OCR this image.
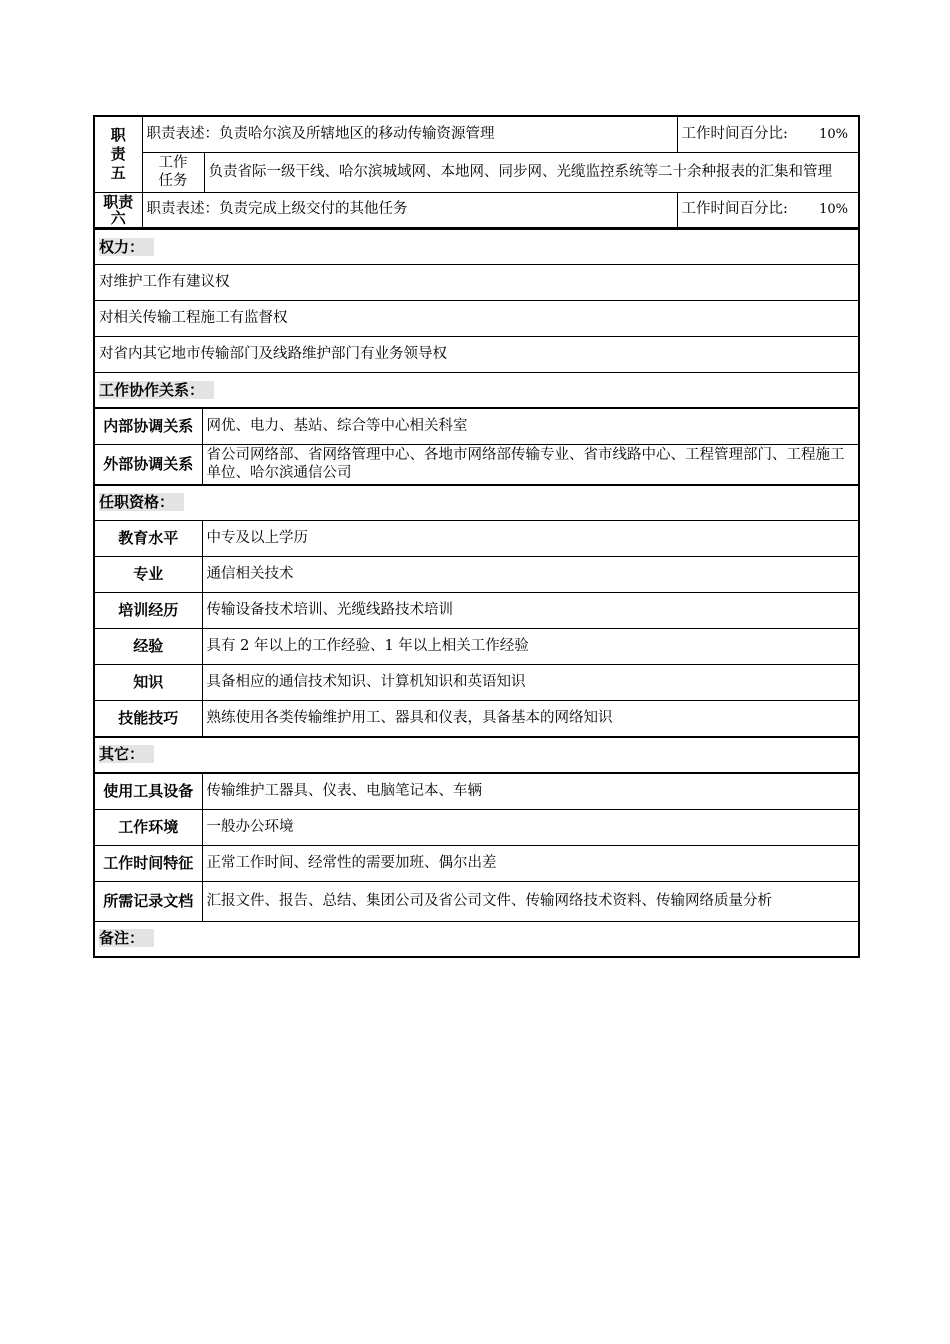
职责五	职责表述：负责哈尔滨及所辖地区的移动传输资源管理		工作时间百分比: 10%

	工作任务	负责省际一级干线、哈尔滨城域网、本地网、同步网、光缆监控系统等二十余种报表的汇集和管理	
职责六	职责表述：负责完成上级交付的其他任务		工作时间百分比: 10%
权力：	
对维护工作有建议权	
对相关传输工程施工有监督权	
对省内其它地市传输部门及线路维护部门有业务领导权	
工作协作关系：	
内部协调关系	网优、电力、基站、综合等中心相关科室
外部协调关系	省公司网络部、省网络管理中心、各地市网络部传输专业、省市线路中心、工程管理部门、工程施工单位、哈尔滨通信公司
任职资格：	
教育水平	中专及以上学历
专业	通信相关技术
培训经历	传输设备技术培训、光缆线路技术培训
经验	具有 2 年以上的工作经验、1 年以上相关工作经验
知识	具备相应的通信技术知识、计算机知识和英语知识
技能技巧	熟练使用各类传输维护用工、器具和仪表，具备基本的网络知识
其它：	
使用工具设备	传输维护工器具、仪表、电脑笔记本、车辆
工作环境	一般办公环境
工作时间特征	正常工作时间、经常性的需要加班、偶尔出差
所需记录文档	汇报文件、报告、总结、集团公司及省公司文件、传输网络技术资料、传输网络质量分析
备注：	
